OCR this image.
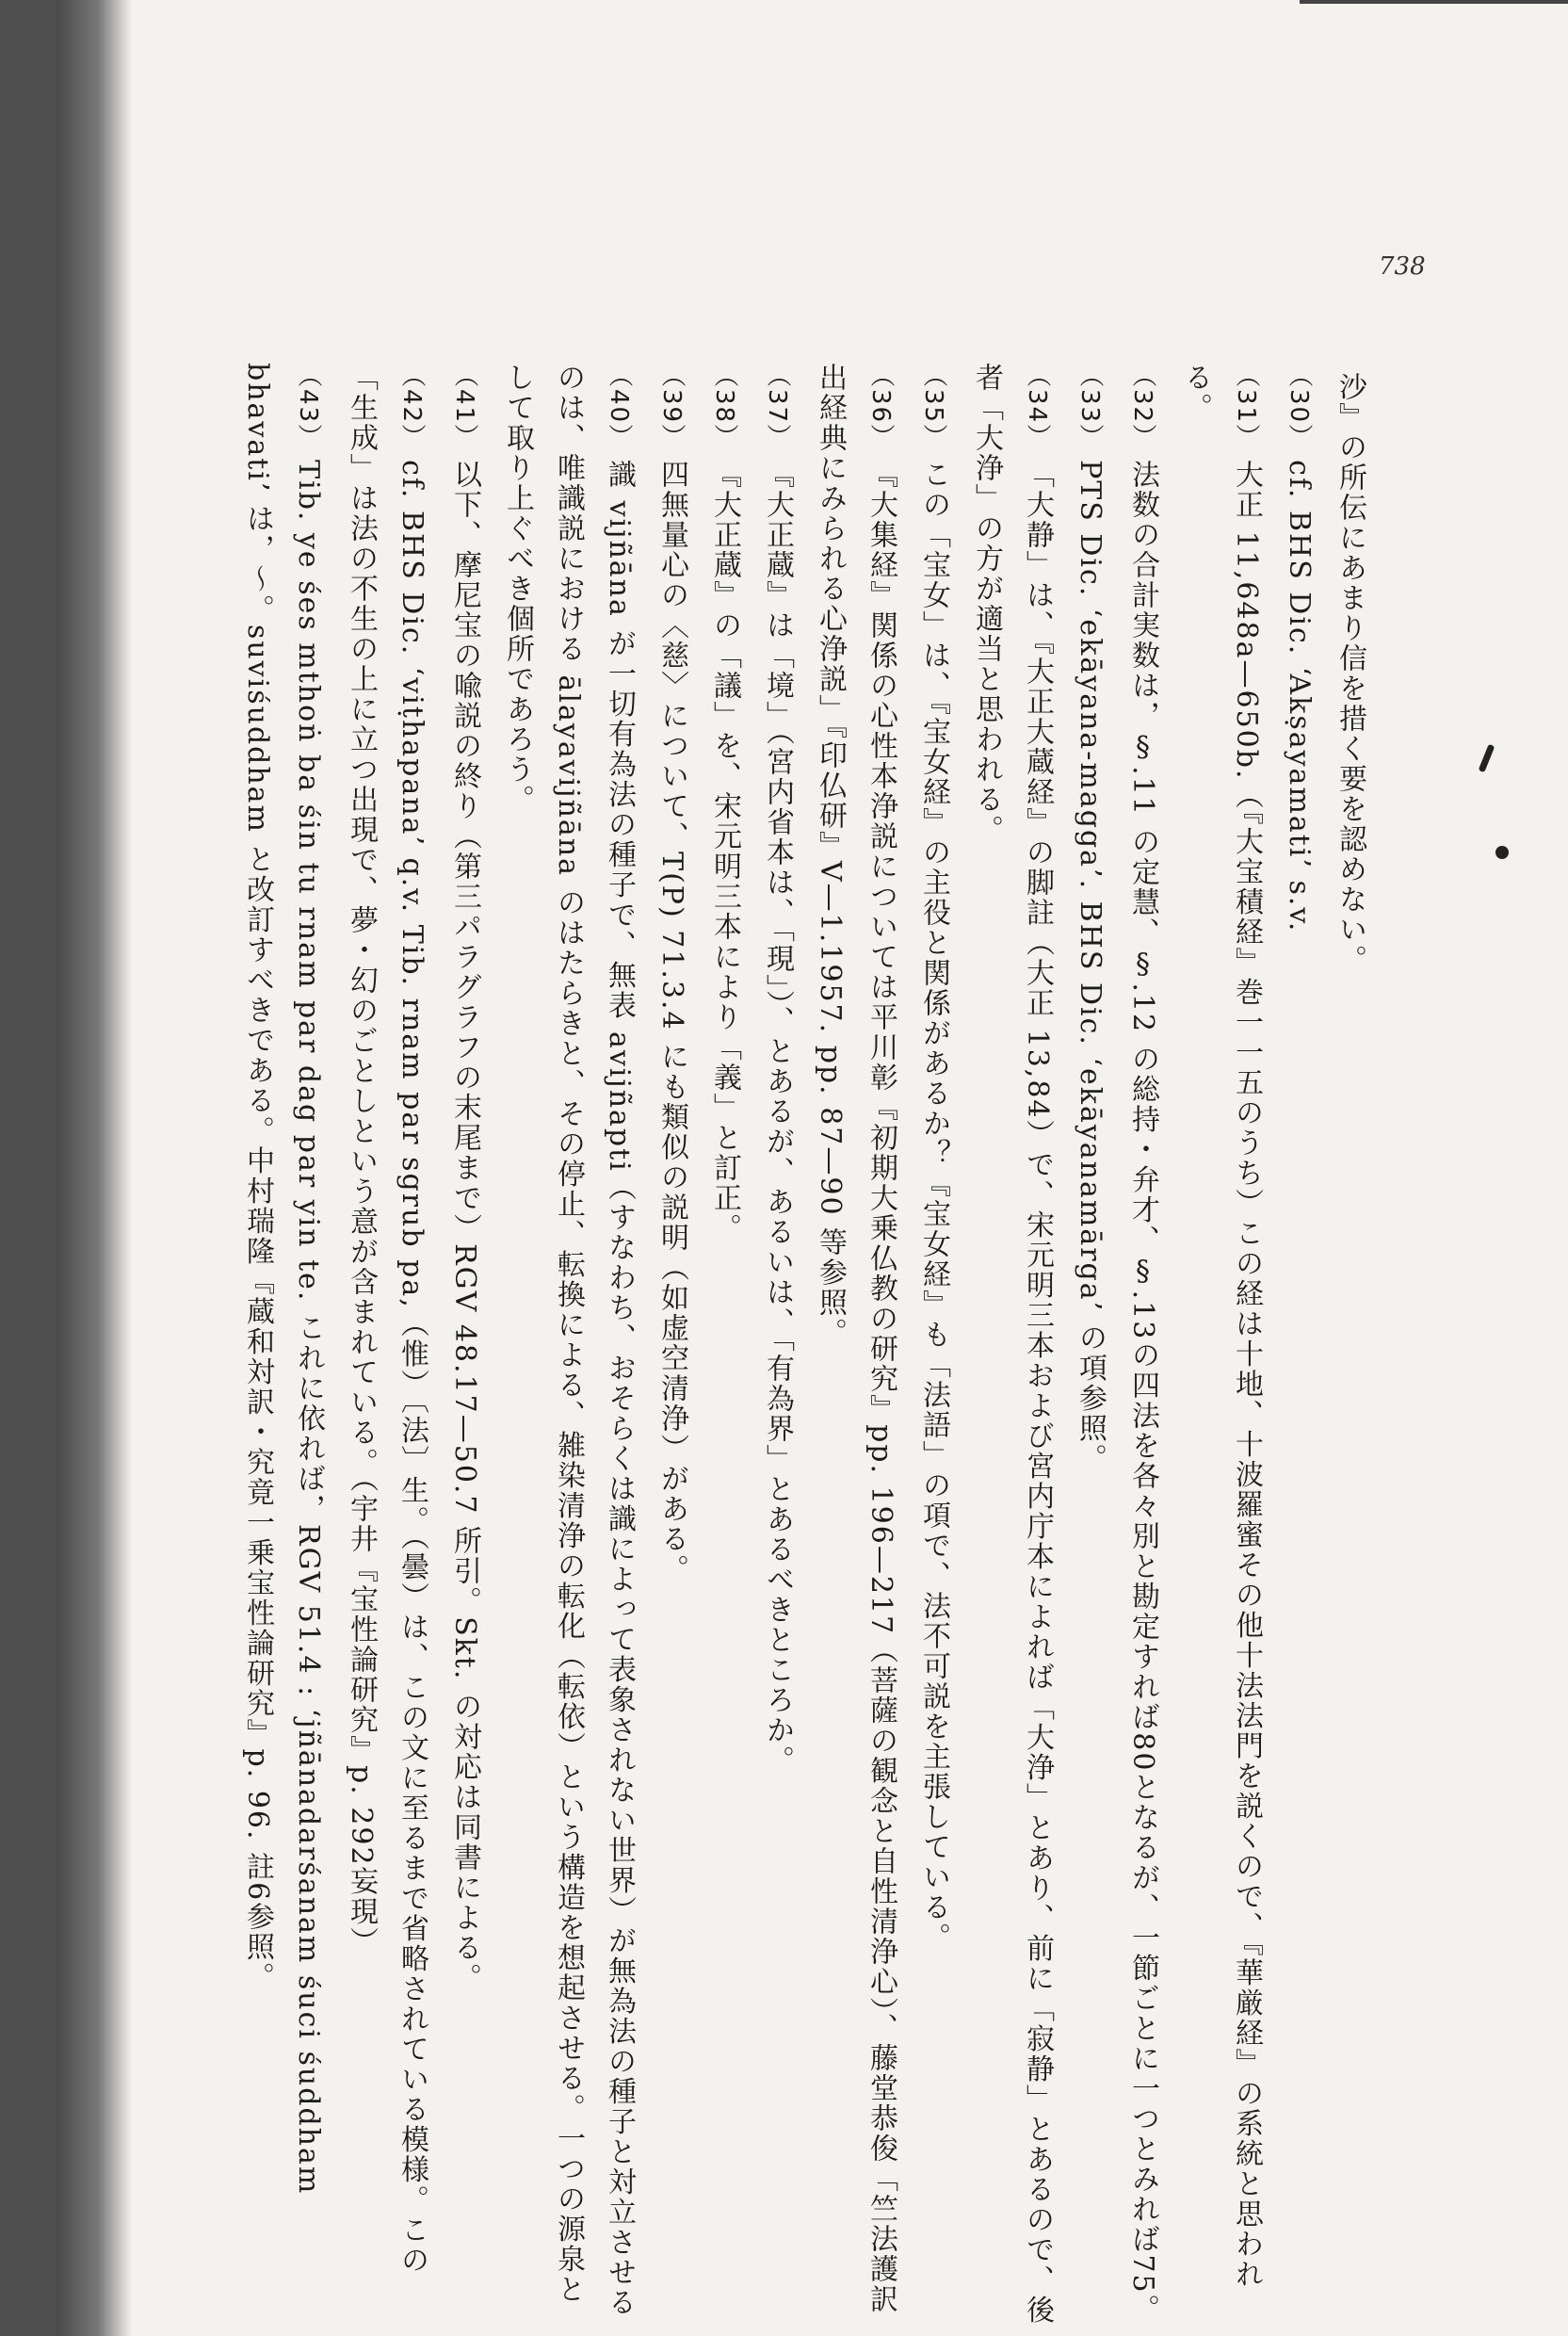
738

沙』の所伝にあまり信を措く要を認めない。

（30）cf. BHS Dic. ‘Akṣayamati’ s.v.

（31）大正 11,648a—650b.（『大宝積経』巻一一五のうち）この経は十地、十波羅蜜その他十法法門を説くので、『華厳経』の系統と思われる。

（32）法数の合計実数は，§.11 の定慧、§.12 の総持・弁才、§.13の四法を各々別と勘定すれば80となるが、一節ごとに一つとみれば75。

（33）PTS Dic. ‘ekāyana-magga’. BHS Dic. ‘ekāyanamārga’ の項参照。

（34）「大静」は、『大正大蔵経』の脚註（大正 13,84）で、宋元明三本および宮内庁本によれば「大浄」とあり、前に「寂静」とあるので、後者「大浄」の方が適当と思われる。

（35）この「宝女」は、『宝女経』の主役と関係があるか？『宝女経』も「法語」の項で、法不可説を主張している。

（36）『大集経』関係の心性本浄説については平川彰『初期大乗仏教の研究』pp. 196—217（菩薩の観念と自性清浄心）、藤堂恭俊「竺法護訳出経典にみられる心浄説」『印仏研』V—1.1957. pp. 87—90 等参照。

（37）『大正蔵』は「境」（宮内省本は、「現」）、とあるが、あるいは、「有為界」とあるべきところか。

（38）『大正蔵』の「議」を、宋元明三本により「義」と訂正。

（39）四無量心の〈慈〉について、T(P) 71.3.4 にも類似の説明（如虚空清浄）がある。

（40）識 vijñāna が一切有為法の種子で、無表 avijñapti（すなわち、おそらくは識によって表象されない世界）が無為法の種子と対立させるのは、唯識説における ālayavijñāna のはたらきと、その停止、転換による、雑染清浄の転化（転依）という構造を想起させる。一つの源泉として取り上ぐべき個所であろう。

（41）以下、摩尼宝の喩説の終り（第三パラグラフの末尾まで）RGV 48.17—50.7 所引。Skt. の対応は同書による。

（42）cf. BHS Dic. ‘viṭhapana’ q.v. Tib. rnam par sgrub pa,（惟）〔法〕生。（曇）は、この文に至るまで省略されている模様。この「生成」は法の不生の上に立つ出現で、夢・幻のごとしという意が含まれている。（宇井『宝性論研究』p. 292妄現）

（43）Tib. ye śes mthoṅ ba śin tu rnam par dag par yin te. これに依れば，RGV 51.4 : ‘jñānadarśanam śuci śuddham bhavati’ は，～。suviśuddham と改訂すべきである。中村瑞隆『蔵和対訳・究竟一乗宝性論研究』p. 96. 註6参照。
